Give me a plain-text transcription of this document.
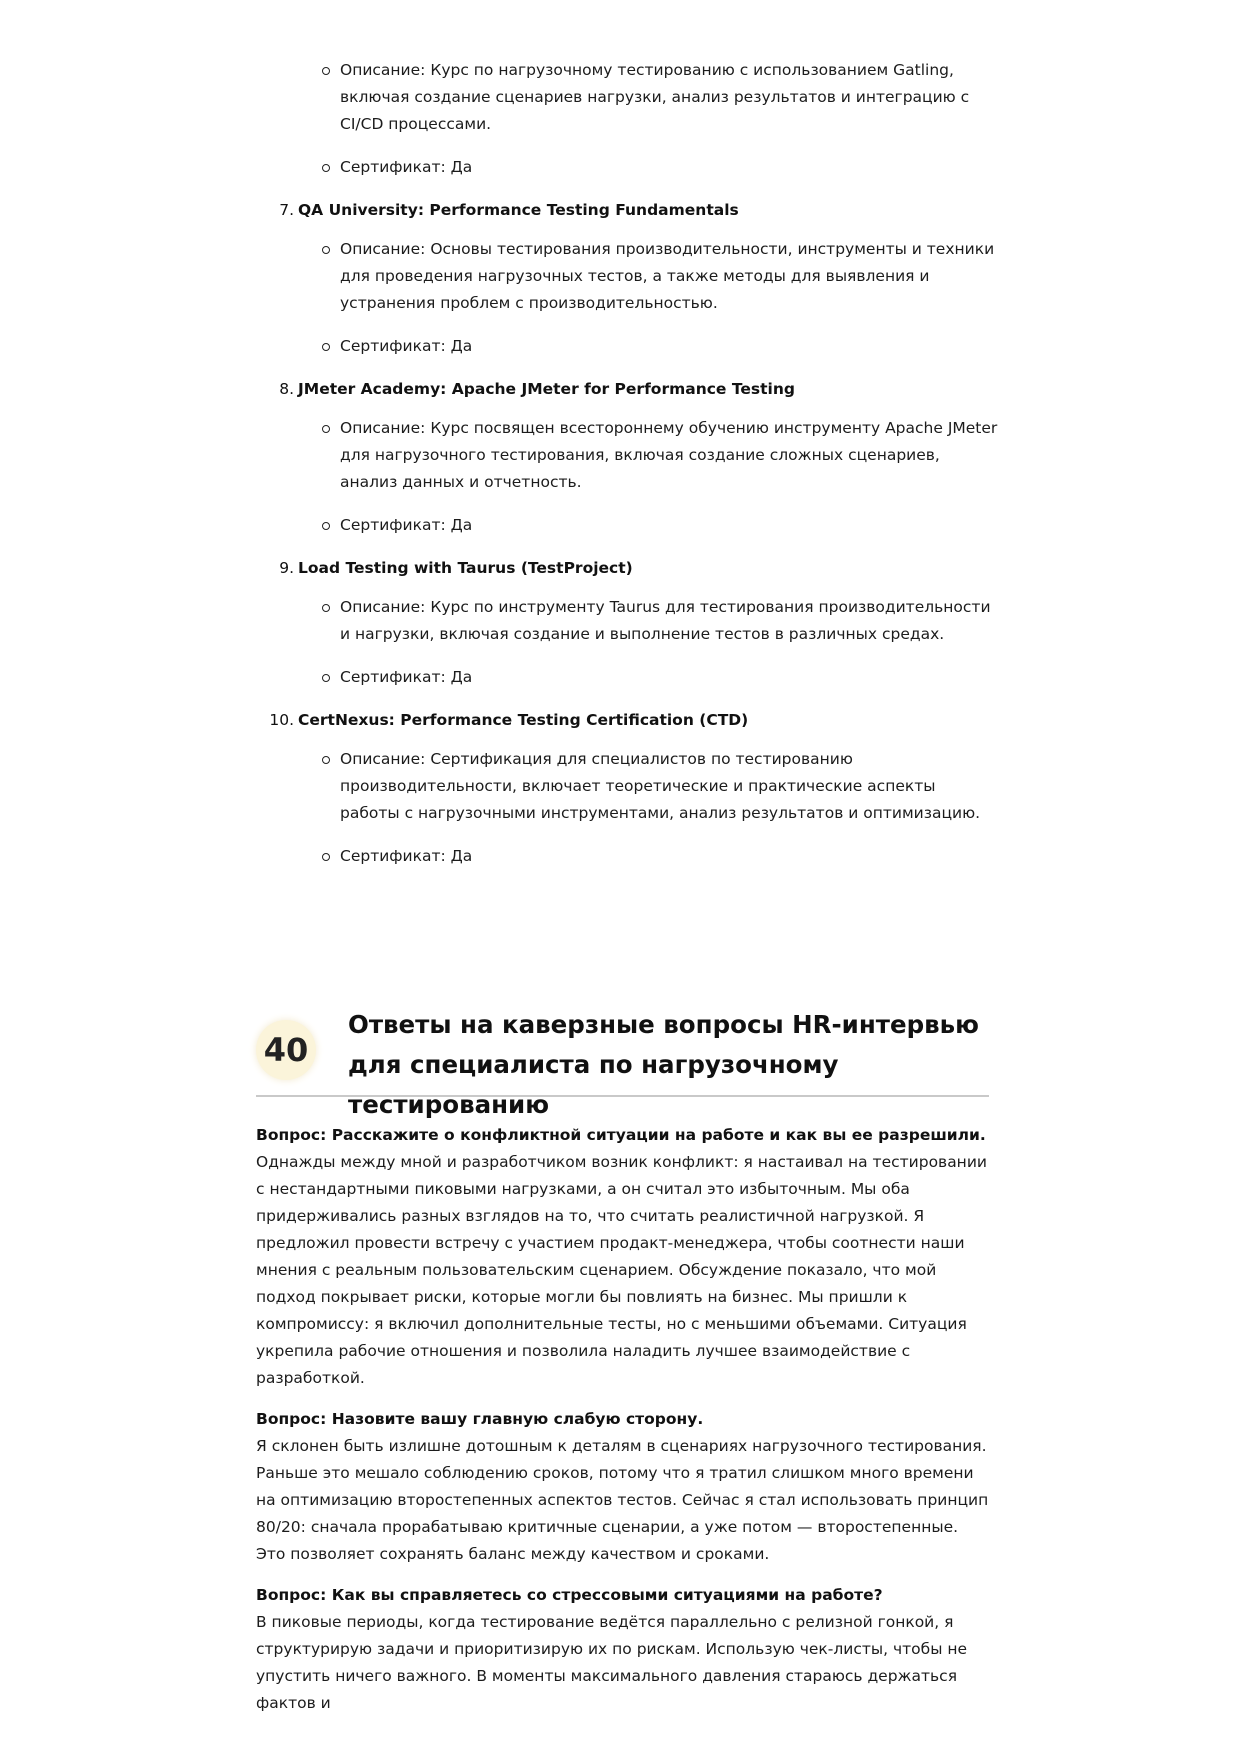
Описание: Курс по нагрузочному тестированию с использованием Gatling, включая создание сценариев нагрузки, анализ результатов и интеграцию с CI/CD процессами.
Сертификат: Да
7. QA University: Performance Testing Fundamentals
Описание: Основы тестирования производительности, инструменты и техники для проведения нагрузочных тестов, а также методы для выявления и устранения проблем с производительностью.
Сертификат: Да
8. JMeter Academy: Apache JMeter for Performance Testing
Описание: Курс посвящен всестороннему обучению инструменту Apache JMeter для нагрузочного тестирования, включая создание сложных сценариев, анализ данных и отчетность.
Сертификат: Да
9. Load Testing with Taurus (TestProject)
Описание: Курс по инструменту Taurus для тестирования производительности и нагрузки, включая создание и выполнение тестов в различных средах.
Сертификат: Да
10. CertNexus: Performance Testing Certification (CTD)
Описание: Сертификация для специалистов по тестированию производительности, включает теоретические и практические аспекты работы с нагрузочными инструментами, анализ результатов и оптимизацию.
Сертификат: Да
40
Ответы на каверзные вопросы HR-интервью для специалиста по нагрузочному тестированию
Вопрос: Расскажите о конфликтной ситуации на работе и как вы ее разрешили.
Однажды между мной и разработчиком возник конфликт: я настаивал на тестировании с нестандартными пиковыми нагрузками, а он считал это избыточным. Мы оба придерживались разных взглядов на то, что считать реалистичной нагрузкой. Я предложил провести встречу с участием продакт-менеджера, чтобы соотнести наши мнения с реальным пользовательским сценарием. Обсуждение показало, что мой подход покрывает риски, которые могли бы повлиять на бизнес. Мы пришли к компромиссу: я включил дополнительные тесты, но с меньшими объемами. Ситуация укрепила рабочие отношения и позволила наладить лучшее взаимодействие с разработкой.
Вопрос: Назовите вашу главную слабую сторону.
Я склонен быть излишне дотошным к деталям в сценариях нагрузочного тестирования. Раньше это мешало соблюдению сроков, потому что я тратил слишком много времени на оптимизацию второстепенных аспектов тестов. Сейчас я стал использовать принцип 80/20: сначала прорабатываю критичные сценарии, а уже потом — второстепенные. Это позволяет сохранять баланс между качеством и сроками.
Вопрос: Как вы справляетесь со стрессовыми ситуациями на работе?
В пиковые периоды, когда тестирование ведётся параллельно с релизной гонкой, я структурирую задачи и приоритизирую их по рискам. Использую чек-листы, чтобы не упустить ничего важного. В моменты максимального давления стараюсь держаться фактов и
